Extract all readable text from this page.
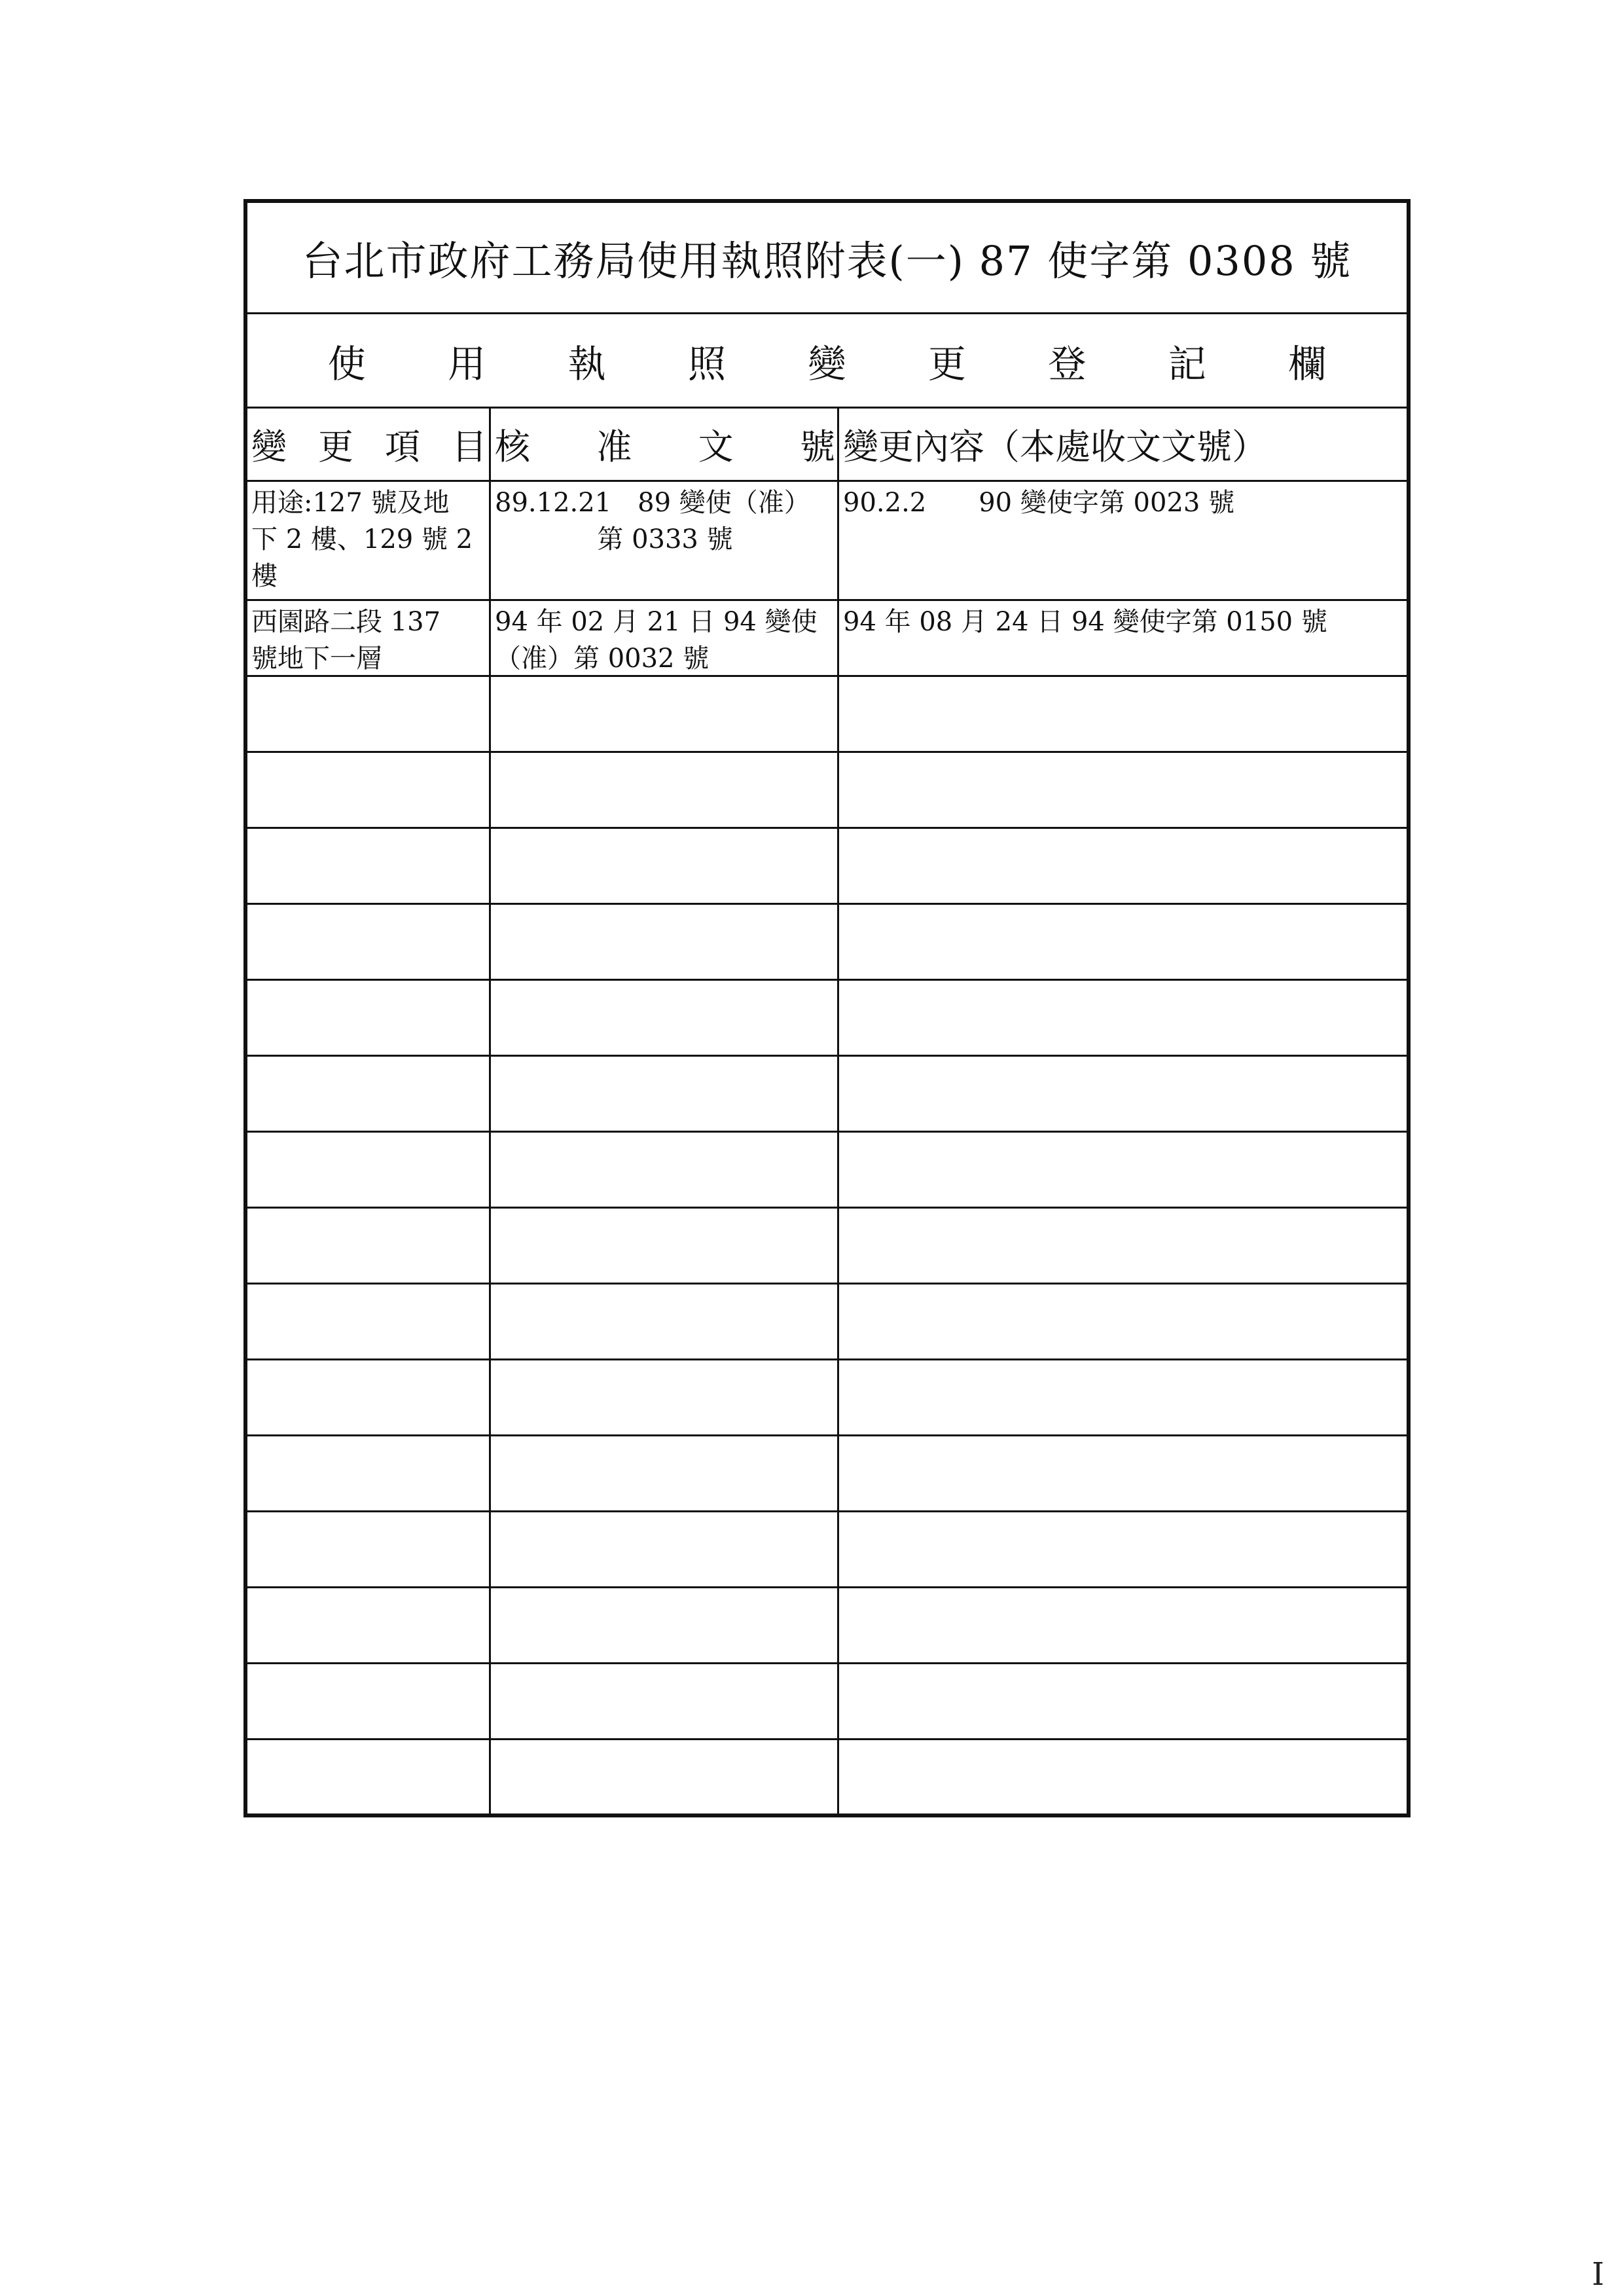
台北市政府工務局使用執照附表(一) 87 使字第 0308 號
使 用 執 照 變 更 登 記 欄
變 更 項 目 核 准 文 號 變更內容（本處收文文號）
用途:127 號及地
下 2 樓、129 號 2
樓
89.12.21　89 變使（准）
第 0333 號
90.2.2　　90 變使字第 0023 號
西園路二段 137
號地下一層
94 年 02 月 21 日 94 變使
（准）第 0032 號
94 年 08 月 24 日 94 變使字第 0150 號
I
